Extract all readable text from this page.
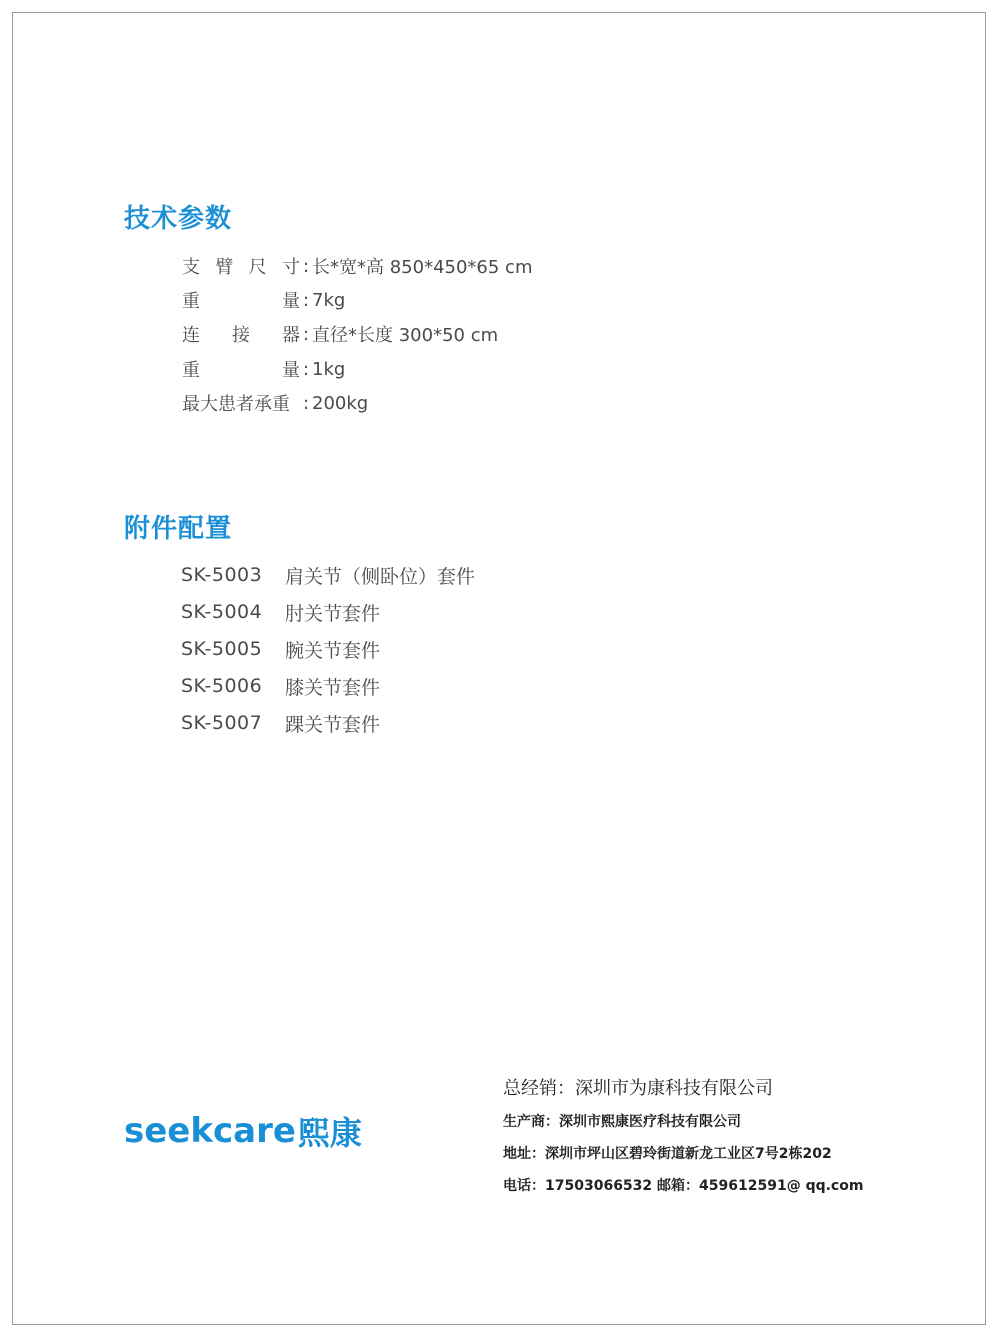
技术参数
支 臂 尺 寸 : 长*宽*高 850*450*65 cm
重	量 : 7kg
连 接 器 : 直径*长度 300*50 cm
重	量 : 1kg
最大患者承重 : 200kg
附件配置
SK-5003	肩关节（侧卧位）套件
SK-5004	肘关节套件
SK-5005	腕关节套件
SK-5006	膝关节套件
SK-5007	踝关节套件
seekcare 熙康
总经销：深圳市为康科技有限公司
生产商：深圳市熙康医疗科技有限公司
地址：深圳市坪山区碧玲街道新龙工业区7号2栋202
电话：17503066532 邮箱：459612591@ qq.com
